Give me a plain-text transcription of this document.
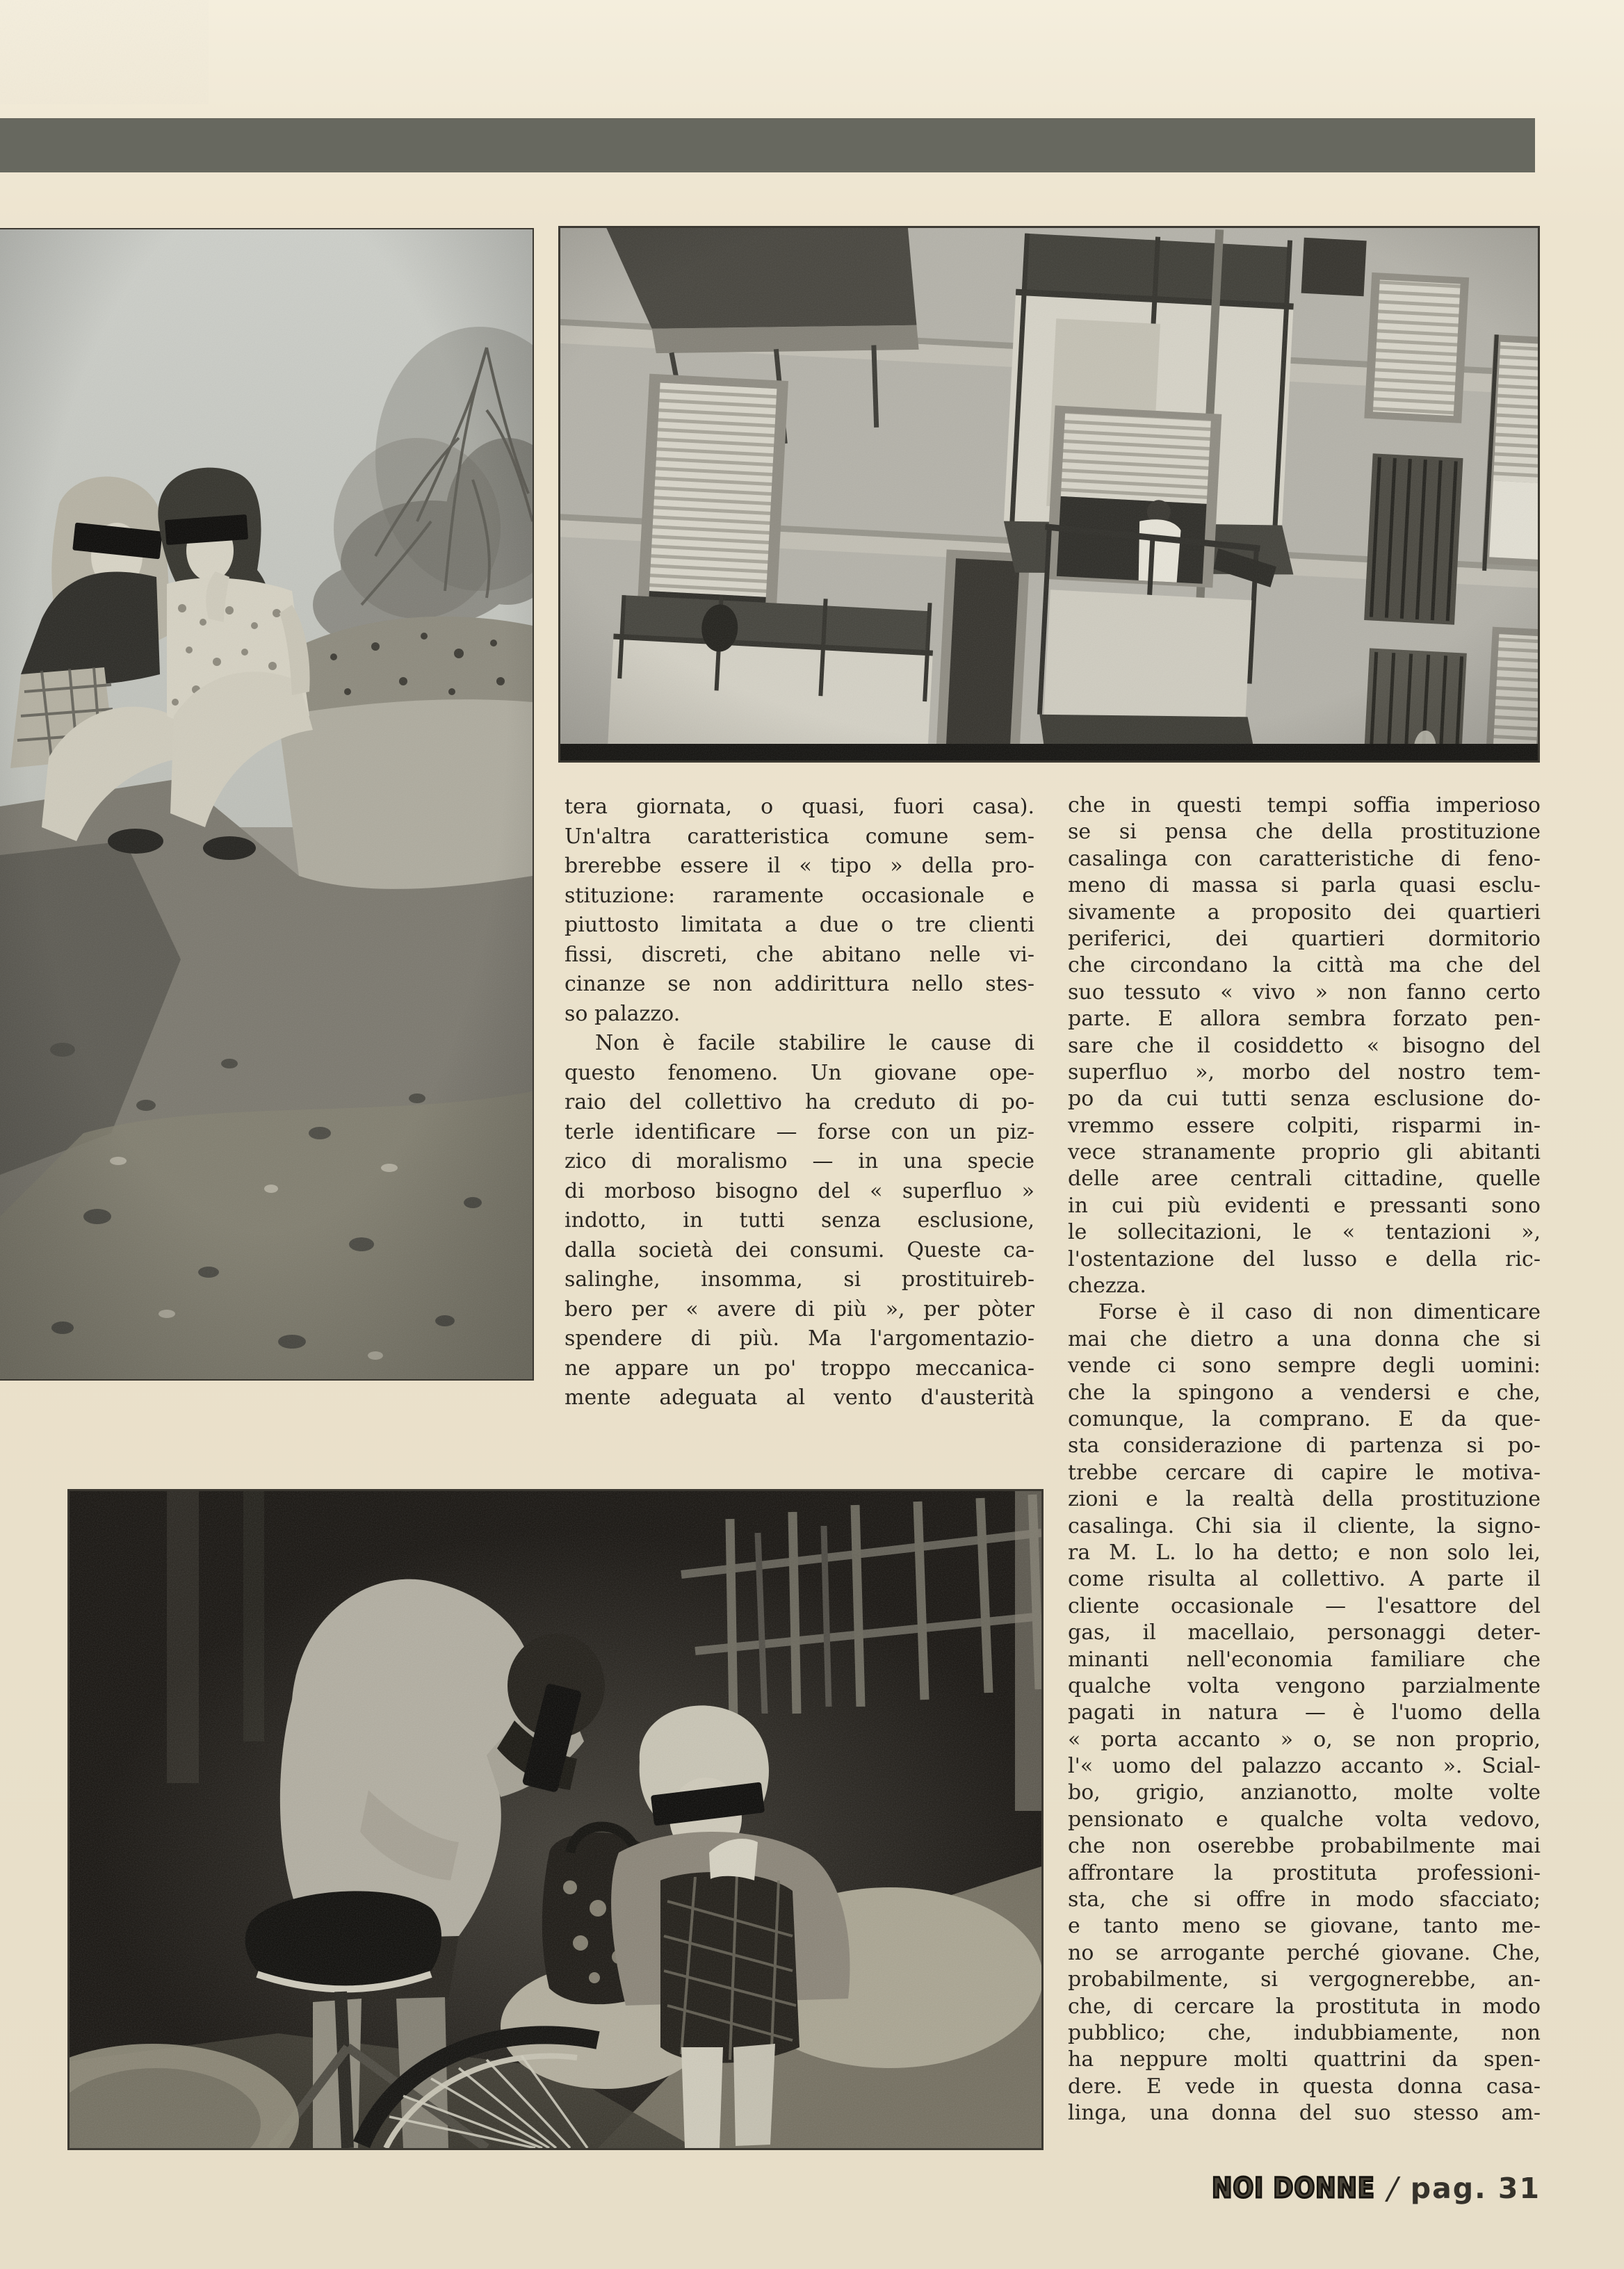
tera giornata, o quasi, fuori casa).
Un'altra caratteristica comune sem-
brerebbe essere il « tipo » della pro-
stituzione: raramente occasionale e
piuttosto limitata a due o tre clienti
fissi, discreti, che abitano nelle vi-
cinanze se non addirittura nello stes-
so palazzo.
Non è facile stabilire le cause di
questo fenomeno. Un giovane ope-
raio del collettivo ha creduto di po-
terle identificare — forse con un piz-
zico di moralismo — in una specie
di morboso bisogno del « superfluo »
indotto, in tutti senza esclusione,
dalla società dei consumi. Queste ca-
salinghe, insomma, si prostituireb-
bero per « avere di più », per pòter
spendere di più. Ma l'argomentazio-
ne appare un po' troppo meccanica-
mente adeguata al vento d'austerità
che in questi tempi soffia imperioso
se si pensa che della prostituzione
casalinga con caratteristiche di feno-
meno di massa si parla quasi esclu-
sivamente a proposito dei quartieri
periferici, dei quartieri dormitorio
che circondano la città ma che del
suo tessuto « vivo » non fanno certo
parte. E allora sembra forzato pen-
sare che il cosiddetto « bisogno del
superfluo », morbo del nostro tem-
po da cui tutti senza esclusione do-
vremmo essere colpiti, risparmi in-
vece stranamente proprio gli abitanti
delle aree centrali cittadine, quelle
in cui più evidenti e pressanti sono
le sollecitazioni, le « tentazioni »,
l'ostentazione del lusso e della ric-
chezza.
Forse è il caso di non dimenticare
mai che dietro a una donna che si
vende ci sono sempre degli uomini:
che la spingono a vendersi e che,
comunque, la comprano. E da que-
sta considerazione di partenza si po-
trebbe cercare di capire le motiva-
zioni e la realtà della prostituzione
casalinga. Chi sia il cliente, la signo-
ra M. L. lo ha detto; e non solo lei,
come risulta al collettivo. A parte il
cliente occasionale — l'esattore del
gas, il macellaio, personaggi deter-
minanti nell'economia familiare che
qualche volta vengono parzialmente
pagati in natura — è l'uomo della
« porta accanto » o, se non proprio,
l'« uomo del palazzo accanto ». Scial-
bo, grigio, anzianotto, molte volte
pensionato e qualche volta vedovo,
che non oserebbe probabilmente mai
affrontare la prostituta professioni-
sta, che si offre in modo sfacciato;
e tanto meno se giovane, tanto me-
no se arrogante perché giovane. Che,
probabilmente, si vergognerebbe, an-
che, di cercare la prostituta in modo
pubblico; che, indubbiamente, non
ha neppure molti quattrini da spen-
dere. E vede in questa donna casa-
linga, una donna del suo stesso am-
NOI DONNE / pag. 31
